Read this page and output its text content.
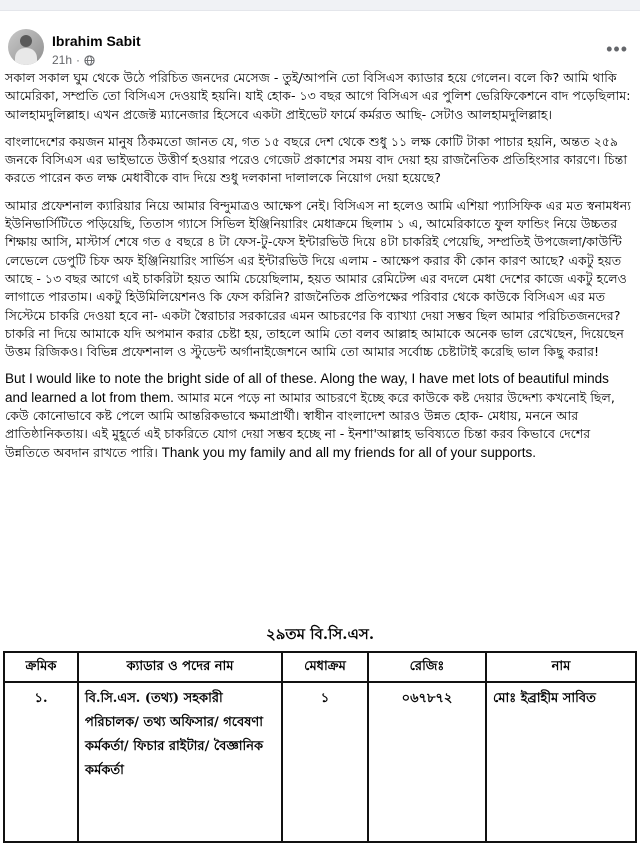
Ibrahim Sabit
21h ·
•••

সকাল সকাল ঘুম থেকে উঠে পরিচিত জনদের মেসেজ - তুই/আপনি তো বিসিএস ক্যাডার হয়ে গেলেন। বলে কি? আমি থাকি আমেরিকা, সম্প্রতি তো বিসিএস দেওয়াই হয়নি। যাই হোক- ১৩ বছর আগে বিসিএস এর পুলিশ ভেরিফিকেশনে বাদ পড়েছিলাম: আলহামদুলিল্লাহ। এখন প্রজেক্ট ম্যানেজার হিসেবে একটা প্রাইভেট ফার্মে কর্মরত আছি- সেটাও আলহামদুলিল্লাহ।

বাংলাদেশের কয়জন মানুষ ঠিকমতো জানত যে, গত ১৫ বছরে দেশ থেকে শুধু ১১ লক্ষ কোটি টাকা পাচার হয়নি, অন্তত ২৫৯ জনকে বিসিএস এর ভাইভাতে উত্তীর্ণ হওয়ার পরেও গেজেট প্রকাশের সময় বাদ দেয়া হয় রাজনৈতিক প্রতিহিংসার কারণে। চিন্তা করতে পারেন কত লক্ষ মেধাবীকে বাদ দিয়ে শুধু দলকানা দালালকে নিয়োগ দেয়া হয়েছে?

আমার প্রফেশনাল ক্যারিয়ার নিয়ে আমার বিন্দুমাত্রও আক্ষেপ নেই। বিসিএস না হলেও আমি এশিয়া প্যাসিফিক এর মত স্বনামধন্য ইউনিভার্সিটিতে পড়িয়েছি, তিতাস গ্যাসে সিভিল ইঞ্জিনিয়ারিং মেধাক্রমে ছিলাম ১ এ, আমেরিকাতে ফুল ফান্ডিং নিয়ে উচ্চতর শিক্ষায় আসি, মাস্টার্স শেষে গত ৫ বছরে ৪ টা ফেস-টু-ফেস ইন্টারভিউ দিয়ে ৪টা চাকরিই পেয়েছি, সম্প্রতিই উপজেলা/কাউন্টি লেভেলে ডেপুটি চিফ অফ ইঞ্জিনিয়ারিং সার্ভিস এর ইন্টারভিউ দিয়ে এলাম - আক্ষেপ করার কী কোন কারণ আছে? একটু হয়ত আছে - ১৩ বছর আগে এই চাকরিটা হয়ত আমি চেয়েছিলাম, হয়ত আমার রেমিটেন্স এর বদলে মেধা দেশের কাজে একটু হলেও লাগাতে পারতাম। একটু হিউমিলিয়েশনও কি ফেস করিনি? রাজনৈতিক প্রতিপক্ষের পরিবার থেকে কাউকে বিসিএস এর মত সিস্টেমে চাকরি দেওয়া হবে না- একটা স্বৈরাচার সরকারের এমন আচরণের কি ব্যাখ্যা দেয়া সম্ভব ছিল আমার পরিচিতজনদের? চাকরি না দিয়ে আমাকে যদি অপমান করার চেষ্টা হয়, তাহলে আমি তো বলব আল্লাহ আমাকে অনেক ভাল রেখেছেন, দিয়েছেন উত্তম রিজিকও। বিভিন্ন প্রফেশনাল ও স্টুডেন্ট অর্গানাইজেশনে আমি তো আমার সর্বোচ্চ চেষ্টাটাই করেছি ভাল কিছু করার!

But I would like to note the bright side of all of these. Along the way, I have met lots of beautiful minds and learned a lot from them. আমার মনে পড়ে না আমার আচরণে ইচ্ছে করে কাউকে কষ্ট দেয়ার উদ্দেশ্য কখনোই ছিল, কেউ কোনোভাবে কষ্ট পেলে আমি আন্তরিকভাবে ক্ষমাপ্রার্থী। স্বাধীন বাংলাদেশ আরও উন্নত হোক- মেধায়, মননে আর প্রাতিষ্ঠানিকতায়। এই মুহূর্তে এই চাকরিতে যোগ দেয়া সম্ভব হচ্ছে না - ইনশা'আল্লাহ ভবিষ্যতে চিন্তা করব কিভাবে দেশের উন্নতিতে অবদান রাখতে পারি। Thank you my family and all my friends for all of your supports.

২৯তম বি.সি.এস.
ক্রমিক	ক্যাডার ও পদের নাম	মেধাক্রম	রেজিঃ	নাম
১.	বি.সি.এস. (তথ্য) সহকারী পরিচালক/ তথ্য অফিসার/ গবেষণা কর্মকর্তা/ ফিচার রাইটার/ বৈজ্ঞানিক কর্মকর্তা	১	০৬৭৮৭২	মোঃ ইব্রাহীম সাবিত
